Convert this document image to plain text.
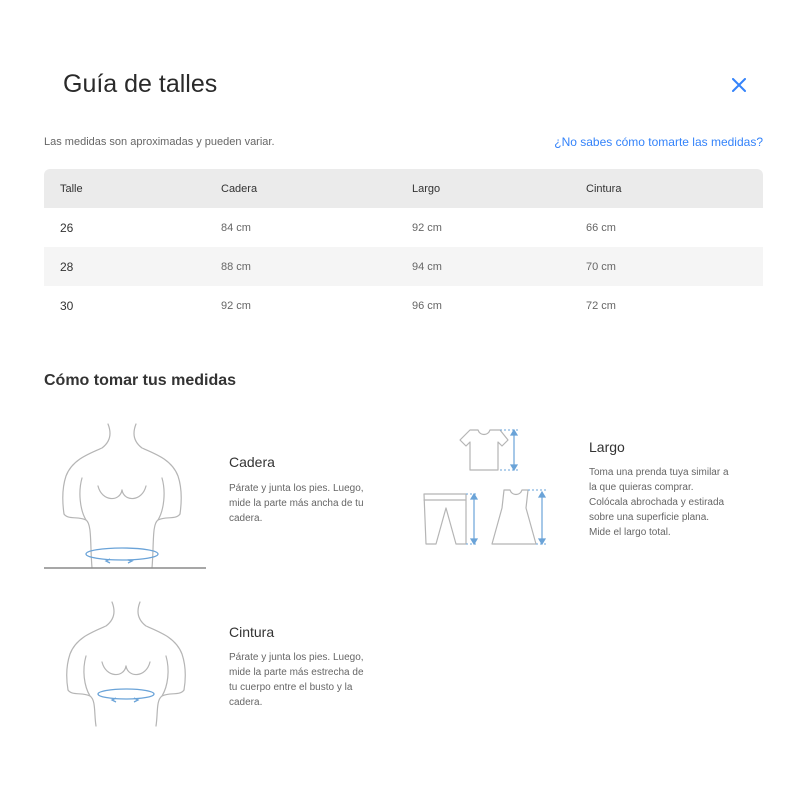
Guía de talles

Las medidas son aproximadas y pueden variar.	¿No sabes cómo tomarte las medidas?
Talle	Cadera	Largo	Cintura
26	84 cm	92 cm	66 cm
28	88 cm	94 cm	70 cm
30	92 cm	96 cm	72 cm
Cómo tomar tus medidas
Cadera
Párate y junta los pies. Luego,
mide la parte más ancha de tu
cadera.
Largo
Toma una prenda tuya similar a
la que quieras comprar.
Colócala abrochada y estirada
sobre una superficie plana.
Mide el largo total.
Cintura
Párate y junta los pies. Luego,
mide la parte más estrecha de
tu cuerpo entre el busto y la
cadera.
